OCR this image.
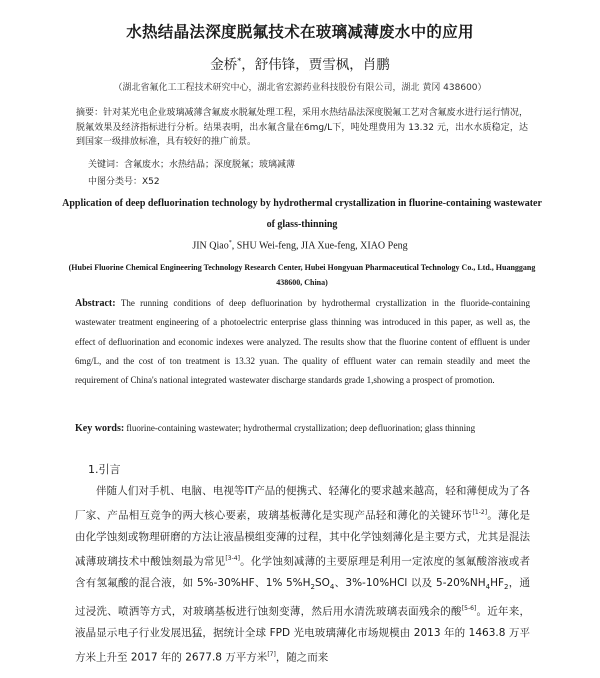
水热结晶法深度脱氟技术在玻璃减薄废水中的应用
金桥*，舒伟锋，贾雪枫，肖鹏
（湖北省氟化工工程技术研究中心，湖北省宏源药业科技股份有限公司，湖北 黄冈 438600）
摘要：针对某光电企业玻璃减薄含氟废水脱氟处理工程，采用水热结晶法深度脱氟工艺对含氟废水进行运行情况，脱氟效果及经济指标进行分析。结果表明，出水氟含量在6mg/L下，吨处理费用为 13.32 元，出水水质稳定，达到国家一级排放标准，具有较好的推广前景。
关键词：含氟废水；水热结晶；深度脱氟；玻璃减薄
中图分类号：X52
Application of deep defluorination technology by hydrothermal crystallization in fluorine-containing wastewater of glass-thinning
JIN Qiao*, SHU Wei-feng, JIA Xue-feng, XIAO Peng
(Hubei Fluorine Chemical Engineering Technology Research Center, Hubei Hongyuan Pharmaceutical Technology Co., Ltd., Huanggang 438600, China)
Abstract: The running conditions of deep defluorination by hydrothermal crystallization in the fluoride-containing wastewater treatment engineering of a photoelectric enterprise glass thinning was introduced in this paper, as well as, the effect of defluorination and economic indexes were analyzed. The results show that the fluorine content of effluent is under 6mg/L, and the cost of ton treatment is 13.32 yuan. The quality of effluent water can remain steadily and meet the requirement of China's national integrated wastewater discharge standards grade 1,showing a prospect of promotion.
Key words: fluorine-containing wastewater; hydrothermal crystallization; deep defluorination; glass thinning
1.引言
伴随人们对手机、电脑、电视等IT产品的便携式、轻薄化的要求越来越高，轻和薄便成为了各厂家、产品相互竞争的两大核心要素，玻璃基板薄化是实现产品轻和薄化的关键环节[1-2]。薄化是由化学蚀刻或物理研磨的方法让液晶模组变薄的过程，其中化学蚀刻薄化是主要方式，尤其是混法减薄玻璃技术中酸蚀刻最为常见[3-4]。化学蚀刻减薄的主要原理是利用一定浓度的氢氟酸溶液或者含有氢氟酸的混合液，如 5%-30%HF、1% $5\%H_2SO_4$、3%-10%HCl 以及 $5-20\%NH_4HF_2$，通过浸洗、喷洒等方式，对玻璃基板进行蚀刻变薄，然后用水清洗玻璃表面残余的酸[5-6]。近年来，液晶显示电子行业发展迅猛，据统计全球 FPD 光电玻璃薄化市场规模由 2013 年的 1463.8 万平方米上升至 2017 年的 2677.8 万平方米[7]，随之而来
